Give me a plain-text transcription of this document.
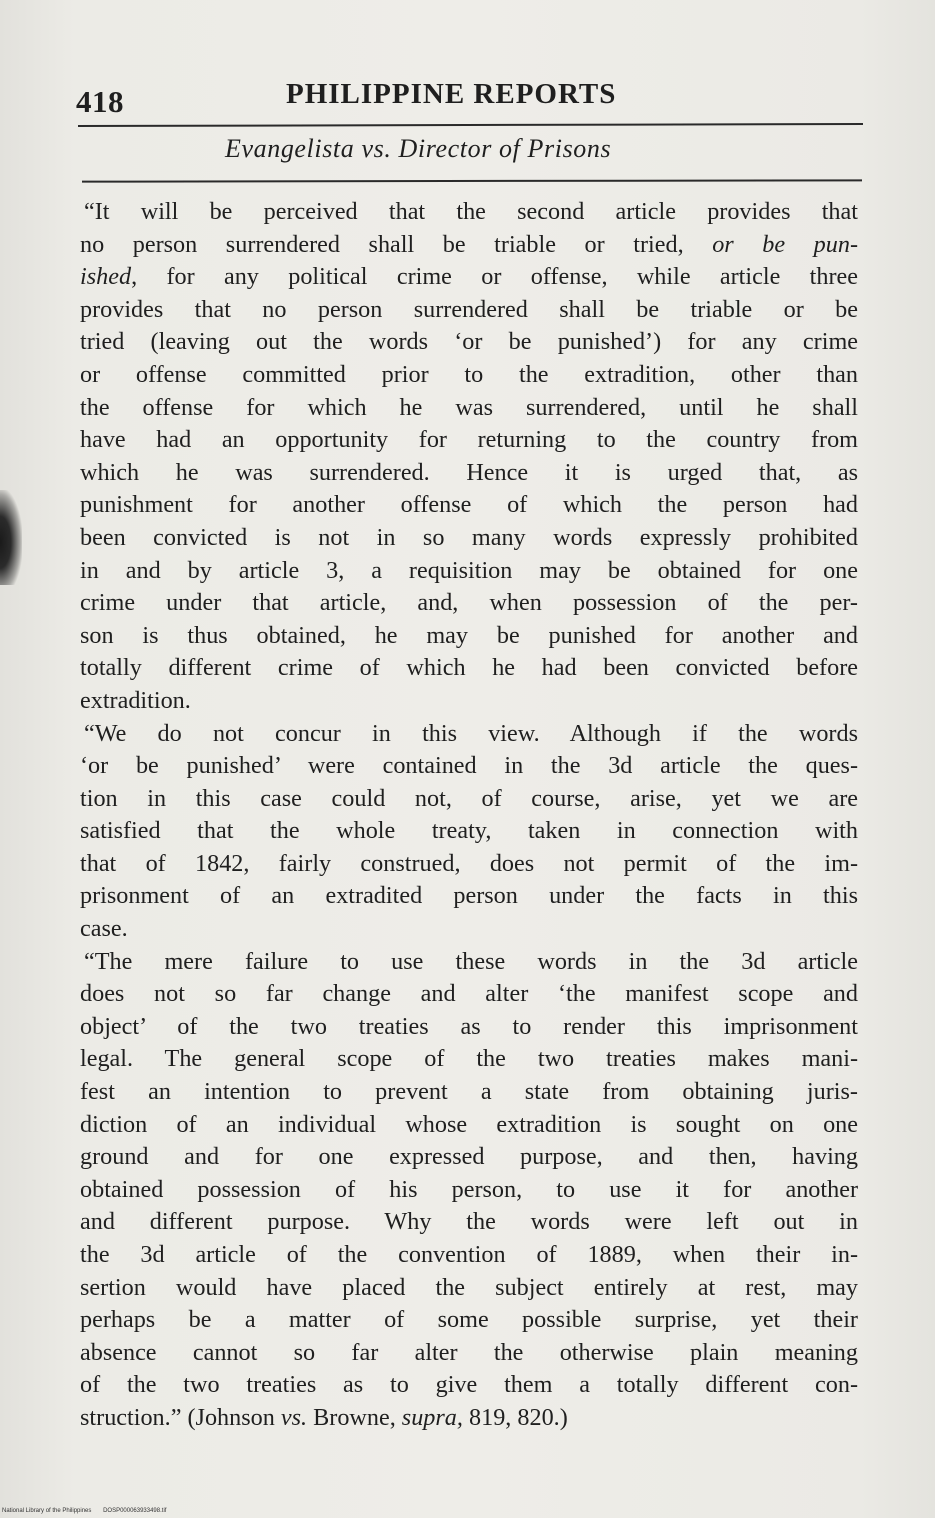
418	PHILIPPINE REPORTS
Evangelista vs. Director of Prisons
“It will be perceived that the second article provides that
no person surrendered shall be triable or tried, or be pun-
ished, for any political crime or offense, while article three
provides that no person surrendered shall be triable or be
tried (leaving out the words ‘or be punished’) for any crime
or offense committed prior to the extradition, other than
the offense for which he was surrendered, until he shall
have had an opportunity for returning to the country from
which he was surrendered. Hence it is urged that, as
punishment for another offense of which the person had
been convicted is not in so many words expressly prohibited
in and by article 3, a requisition may be obtained for one
crime under that article, and, when possession of the per-
son is thus obtained, he may be punished for another and
totally different crime of which he had been convicted before
extradition.
“We do not concur in this view. Although if the words
‘or be punished’ were contained in the 3d article the ques-
tion in this case could not, of course, arise, yet we are
satisfied that the whole treaty, taken in connection with
that of 1842, fairly construed, does not permit of the im-
prisonment of an extradited person under the facts in this
case.
“The mere failure to use these words in the 3d article
does not so far change and alter ‘the manifest scope and
object’ of the two treaties as to render this imprisonment
legal. The general scope of the two treaties makes mani-
fest an intention to prevent a state from obtaining juris-
diction of an individual whose extradition is sought on one
ground and for one expressed purpose, and then, having
obtained possession of his person, to use it for another
and different purpose. Why the words were left out in
the 3d article of the convention of 1889, when their in-
sertion would have placed the subject entirely at rest, may
perhaps be a matter of some possible surprise, yet their
absence cannot so far alter the otherwise plain meaning
of the two treaties as to give them a totally different con-
struction.” (Johnson vs. Browne, supra, 819, 820.)
National Library of the Philippines DOSP000063933498.tif
